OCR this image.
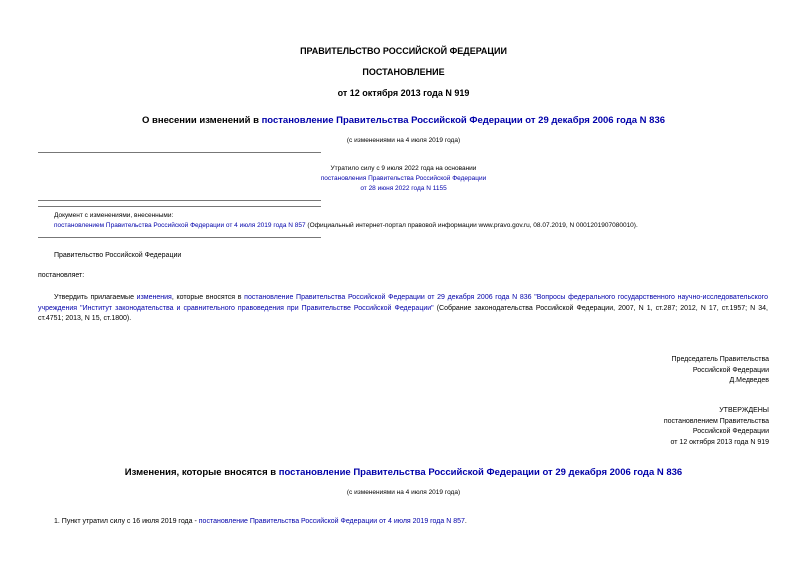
ПРАВИТЕЛЬСТВО РОССИЙСКОЙ ФЕДЕРАЦИИ
ПОСТАНОВЛЕНИЕ
от 12 октября 2013 года N 919
О внесении изменений в постановление Правительства Российской Федерации от 29 декабря 2006 года N 836
(с изменениями на 4 июля 2019 года)
Утратило силу с 9 июля 2022 года на основании
постановления Правительства Российской Федерации
от 28 июня 2022 года N 1155
Документ с изменениями, внесенными:
постановлением Правительства Российской Федерации от 4 июля 2019 года N 857 (Официальный интернет-портал правовой информации www.pravo.gov.ru, 08.07.2019, N 0001201907080010).
Правительство Российской Федерации
постановляет:
Утвердить прилагаемые изменения, которые вносятся в постановление Правительства Российской Федерации от 29 декабря 2006 года N 836 "Вопросы федерального государственного научно-исследовательского учреждения "Институт законодательства и сравнительного правоведения при Правительстве Российской Федерации" (Собрание законодательства Российской Федерации, 2007, N 1, ст.287; 2012, N 17, ст.1957; N 34, ст.4751; 2013, N 15, ст.1800).
Председатель Правительства
Российской Федерации
Д.Медведев
УТВЕРЖДЕНЫ
постановлением Правительства
Российской Федерации
от 12 октября 2013 года N 919
Изменения, которые вносятся в постановление Правительства Российской Федерации от 29 декабря 2006 года N 836
(с изменениями на 4 июля 2019 года)
1. Пункт утратил силу с 16 июля 2019 года - постановление Правительства Российской Федерации от 4 июля 2019 года N 857.
